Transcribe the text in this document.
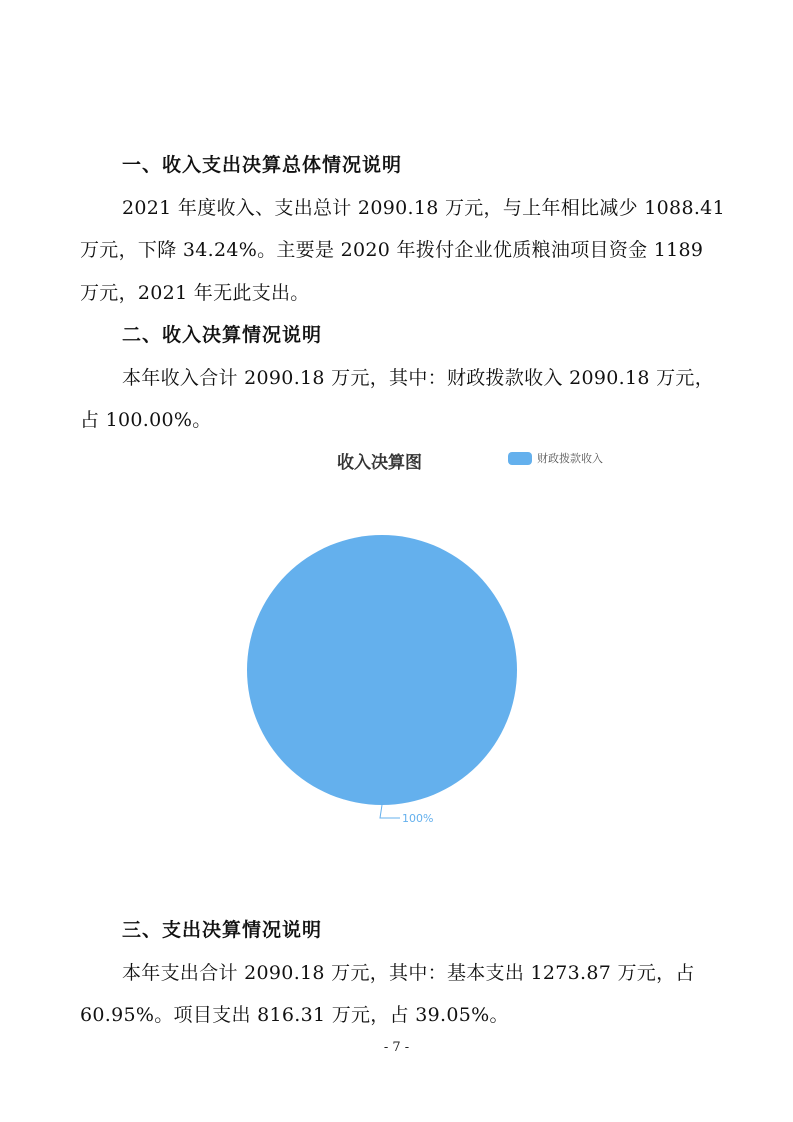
一、收入支出决算总体情况说明
2021 年度收入、支出总计 2090.18 万元，与上年相比减少 1088.41
万元，下降 34.24%。主要是 2020 年拨付企业优质粮油项目资金 1189
万元，2021 年无此支出。
二、收入决算情况说明
本年收入合计 2090.18 万元，其中：财政拨款收入 2090.18 万元，
占 100.00%。
收入决算图	财政拨款收入
100%
三、支出决算情况说明
本年支出合计 2090.18 万元，其中：基本支出 1273.87 万元，占
60.95%。项目支出 816.31 万元，占 39.05%。
- 7 -
